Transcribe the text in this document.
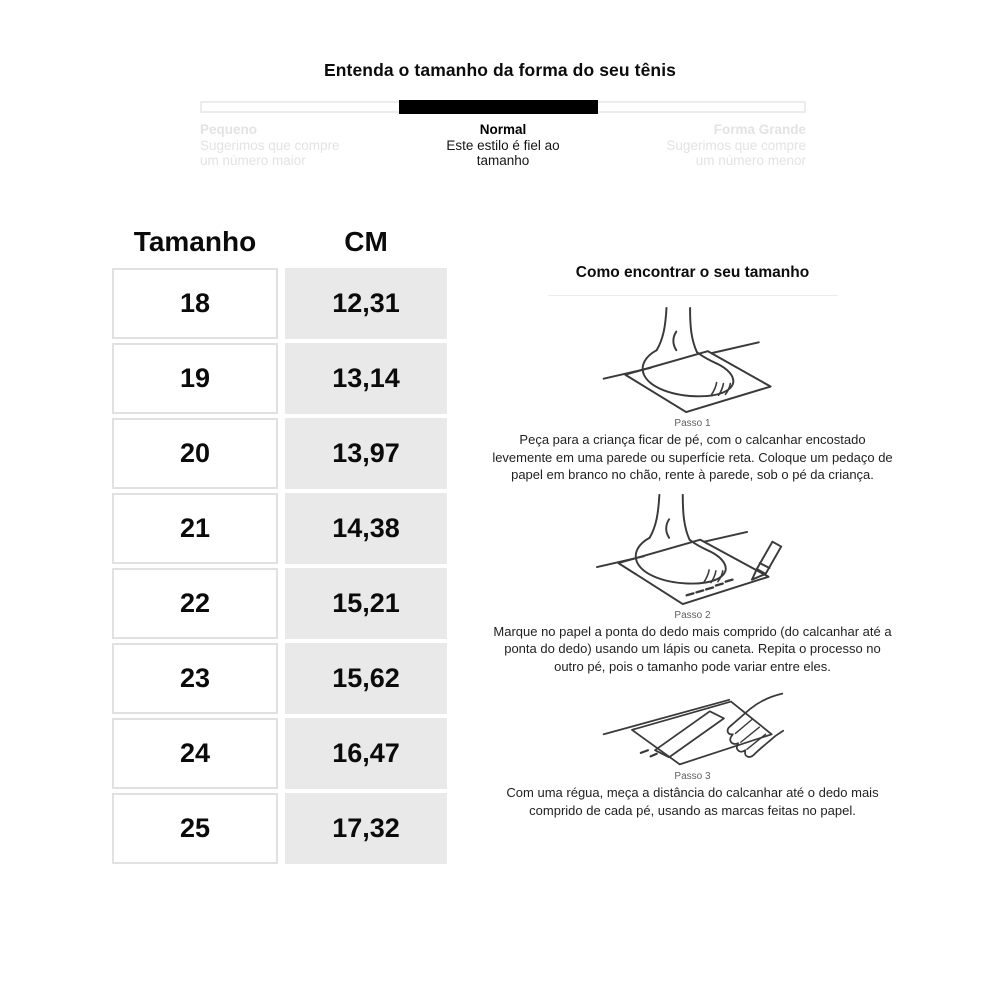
Entenda o tamanho da forma do seu tênis
Pequeno
Sugerimos que compre um número maior
Normal
Este estilo é fiel ao tamanho
Forma Grande
Sugerimos que compre um número menor
Tamanho	CM
18	12,31
19	13,14
20	13,97
21	14,38
22	15,21
23	15,62
24	16,47
25	17,32
Como encontrar o seu tamanho
Passo 1

Peça para a criança ficar de pé, com o calcanhar encostado levemente em uma parede ou superfície reta. Coloque um pedaço de papel em branco no chão, rente à parede, sob o pé da criança.

Passo 2

Marque no papel a ponta do dedo mais comprido (do calcanhar até a ponta do dedo) usando um lápis ou caneta. Repita o processo no outro pé, pois o tamanho pode variar entre eles.

Passo 3

Com uma régua, meça a distância do calcanhar até o dedo mais comprido de cada pé, usando as marcas feitas no papel.
